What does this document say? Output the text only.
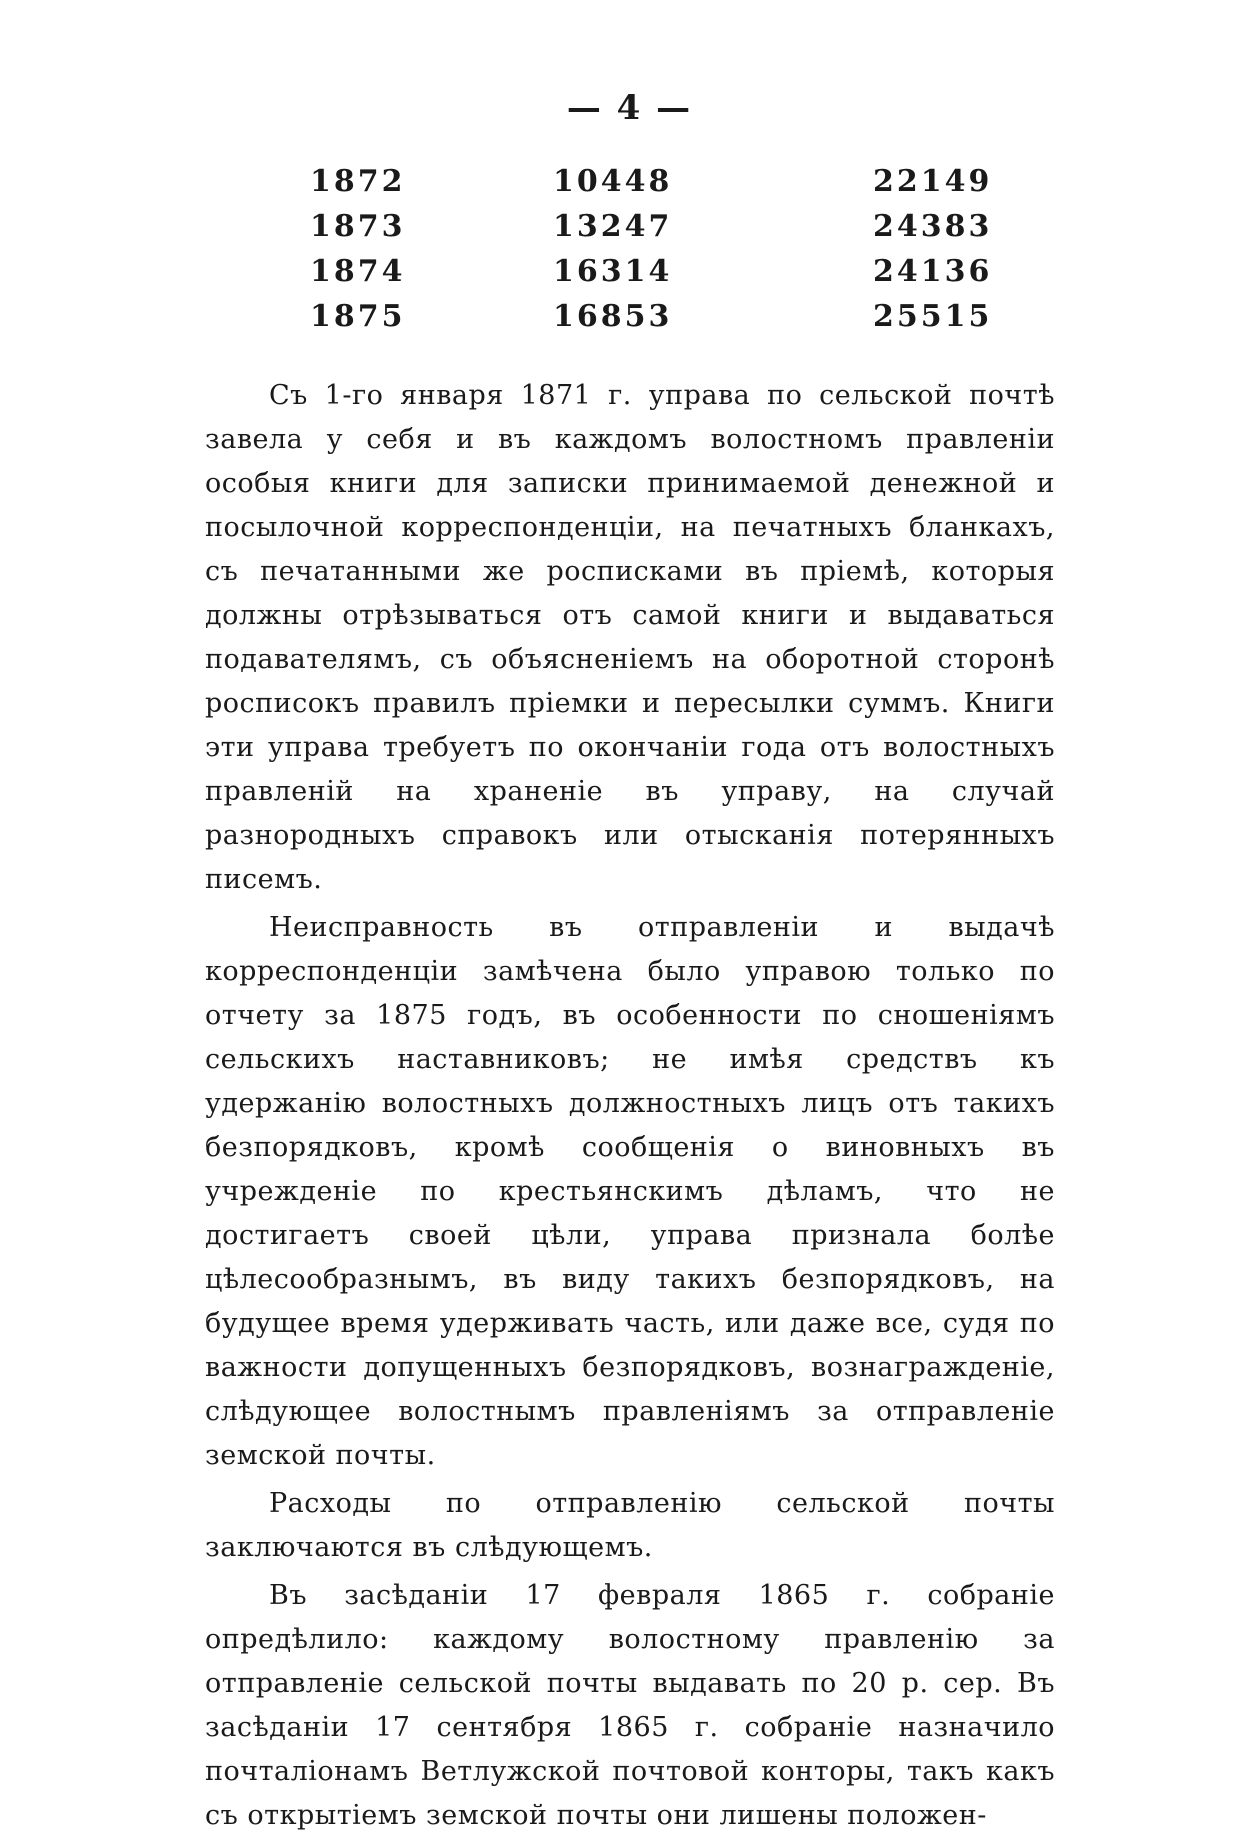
— 4 —
1872	10448	22149
1873	13247	24383
1874	16314	24136
1875	16853	25515

Съ 1-го января 1871 г. управа по сельской почтѣ завела у себя и въ каждомъ волостномъ правленіи особыя книги для записки принимаемой денежной и посылочной корреспонденціи, на печатныхъ бланкахъ, съ печатанными же росписками въ пріемѣ, которыя должны отрѣзываться отъ самой книги и выдаваться подавателямъ, съ объясненіемъ на оборотной сторонѣ росписокъ правилъ пріемки и пересылки суммъ. Книги эти управа требуетъ по окончаніи года отъ волостныхъ правленій на храненіе въ управу, на случай разнородныхъ справокъ или отысканія потерянныхъ писемъ.

Неисправность въ отправленіи и выдачѣ корреспонденціи замѣчена было управою только по отчету за 1875 годъ, въ особенности по сношеніямъ сельскихъ наставниковъ; не имѣя средствъ къ удержанію волостныхъ должностныхъ лицъ отъ такихъ безпорядковъ, кромѣ сообщенія о виновныхъ въ учрежденіе по крестьянскимъ дѣламъ, что не достигаетъ своей цѣли, управа признала болѣе цѣлесообразнымъ, въ виду такихъ безпорядковъ, на будущее время удерживать часть, или даже все, судя по важности допущенныхъ безпорядковъ, вознагражденіе, слѣдующее волостнымъ правленіямъ за отправленіе земской почты.

Расходы по отправленію сельской почты заключаются въ слѣдующемъ.

Въ засѣданіи 17 февраля 1865 г. собраніе опредѣлило: каждому волостному правленію за отправленіе сельской почты выдавать по 20 р. сер. Въ засѣданіи 17 сентября 1865 г. собраніе назначило почталіонамъ Ветлужской почтовой конторы, такъ какъ съ открытіемъ земской почты они лишены положен-
